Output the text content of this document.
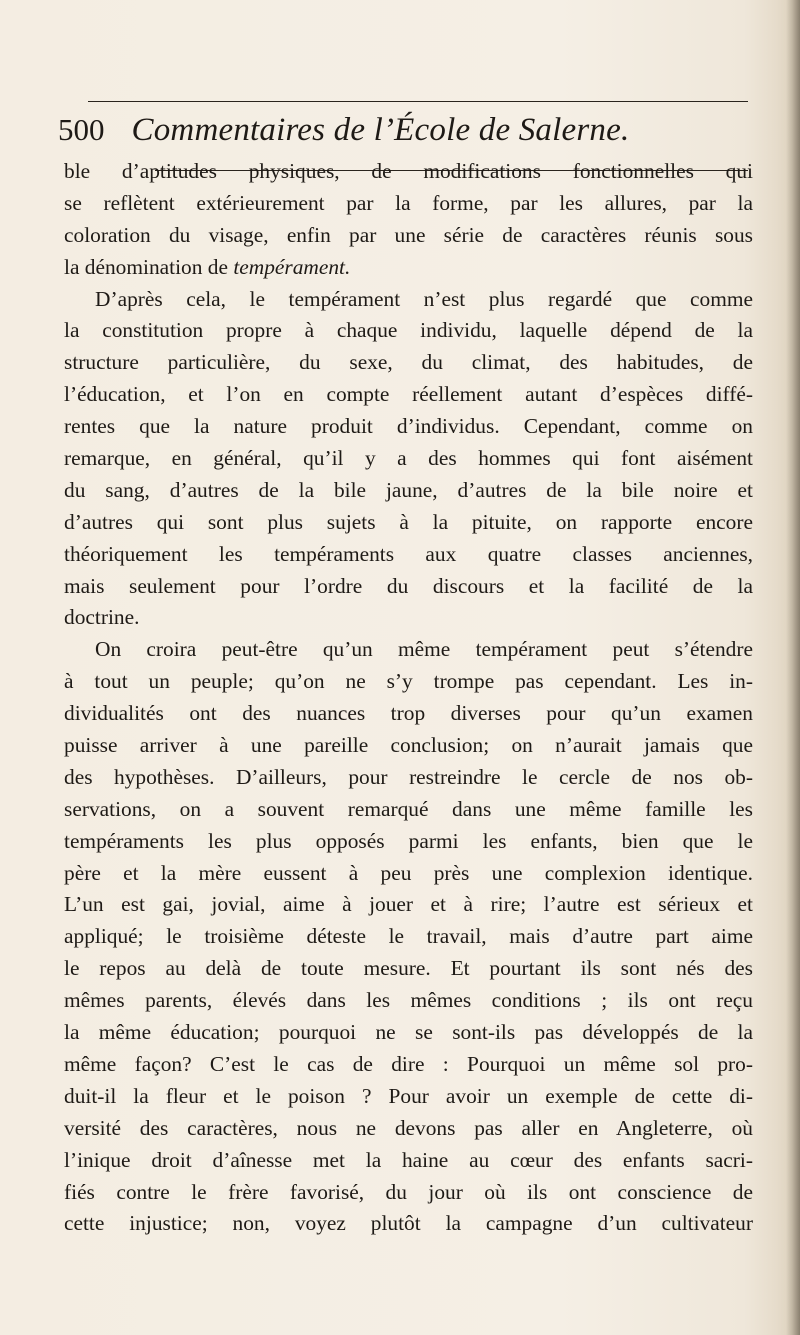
500 Commentaires de l’École de Salerne.
ble d’aptitudes physiques, de modifications fonctionnelles qui
se reflètent extérieurement par la forme, par les allures, par la
coloration du visage, enfin par une série de caractères réunis sous
la dénomination de tempérament.
D’après cela, le tempérament n’est plus regardé que comme
la constitution propre à chaque individu, laquelle dépend de la
structure particulière, du sexe, du climat, des habitudes, de
l’éducation, et l’on en compte réellement autant d’espèces diffé-
rentes que la nature produit d’individus. Cependant, comme on
remarque, en général, qu’il y a des hommes qui font aisément
du sang, d’autres de la bile jaune, d’autres de la bile noire et
d’autres qui sont plus sujets à la pituite, on rapporte encore
théoriquement les tempéraments aux quatre classes anciennes,
mais seulement pour l’ordre du discours et la facilité de la
doctrine.
On croira peut-être qu’un même tempérament peut s’étendre
à tout un peuple; qu’on ne s’y trompe pas cependant. Les in-
dividualités ont des nuances trop diverses pour qu’un examen
puisse arriver à une pareille conclusion; on n’aurait jamais que
des hypothèses. D’ailleurs, pour restreindre le cercle de nos ob-
servations, on a souvent remarqué dans une même famille les
tempéraments les plus opposés parmi les enfants, bien que le
père et la mère eussent à peu près une complexion identique.
L’un est gai, jovial, aime à jouer et à rire; l’autre est sérieux et
appliqué; le troisième déteste le travail, mais d’autre part aime
le repos au delà de toute mesure. Et pourtant ils sont nés des
mêmes parents, élevés dans les mêmes conditions ; ils ont reçu
la même éducation; pourquoi ne se sont-ils pas développés de la
même façon? C’est le cas de dire : Pourquoi un même sol pro-
duit-il la fleur et le poison ? Pour avoir un exemple de cette di-
versité des caractères, nous ne devons pas aller en Angleterre, où
l’inique droit d’aînesse met la haine au cœur des enfants sacri-
fiés contre le frère favorisé, du jour où ils ont conscience de
cette injustice; non, voyez plutôt la campagne d’un cultivateur
